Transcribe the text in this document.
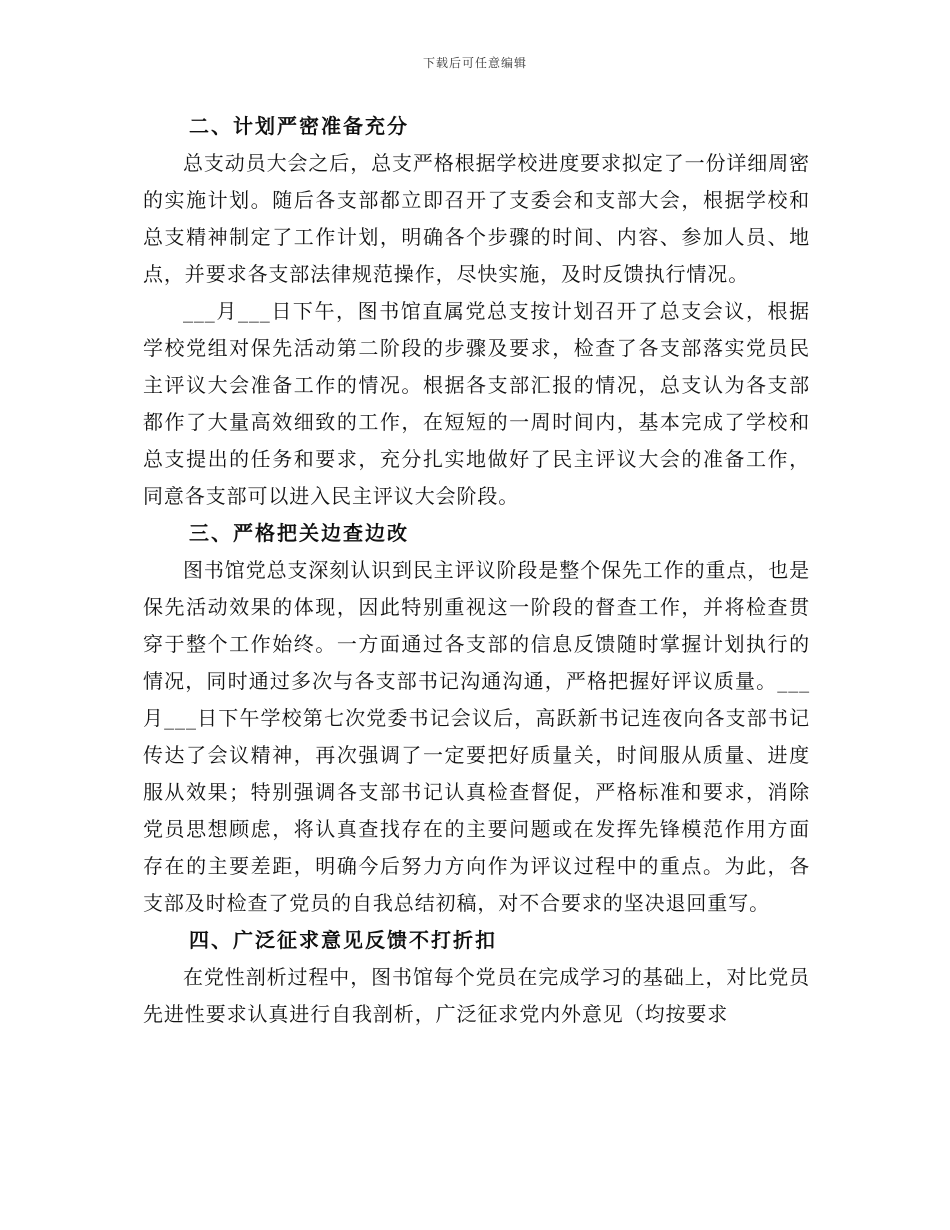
下载后可任意编辑
二、计划严密准备充分

总支动员大会之后，总支严格根据学校进度要求拟定了一份详细周密的实施计划。随后各支部都立即召开了支委会和支部大会，根据学校和总支精神制定了工作计划，明确各个步骤的时间、内容、参加人员、地点，并要求各支部法律规范操作，尽快实施，及时反馈执行情况。

___月___日下午，图书馆直属党总支按计划召开了总支会议，根据学校党组对保先活动第二阶段的步骤及要求，检查了各支部落实党员民主评议大会准备工作的情况。根据各支部汇报的情况，总支认为各支部都作了大量高效细致的工作，在短短的一周时间内，基本完成了学校和总支提出的任务和要求，充分扎实地做好了民主评议大会的准备工作，同意各支部可以进入民主评议大会阶段。

三、严格把关边查边改

图书馆党总支深刻认识到民主评议阶段是整个保先工作的重点，也是保先活动效果的体现，因此特别重视这一阶段的督查工作，并将检查贯穿于整个工作始终。一方面通过各支部的信息反馈随时掌握计划执行的情况，同时通过多次与各支部书记沟通沟通，严格把握好评议质量。___月___日下午学校第七次党委书记会议后，高跃新书记连夜向各支部书记传达了会议精神，再次强调了一定要把好质量关，时间服从质量、进度服从效果；特别强调各支部书记认真检查督促，严格标准和要求，消除党员思想顾虑，将认真查找存在的主要问题或在发挥先锋模范作用方面存在的主要差距，明确今后努力方向作为评议过程中的重点。为此，各支部及时检查了党员的自我总结初稿，对不合要求的坚决退回重写。

四、广泛征求意见反馈不打折扣

在党性剖析过程中，图书馆每个党员在完成学习的基础上，对比党员先进性要求认真进行自我剖析，广泛征求党内外意见（均按要求
